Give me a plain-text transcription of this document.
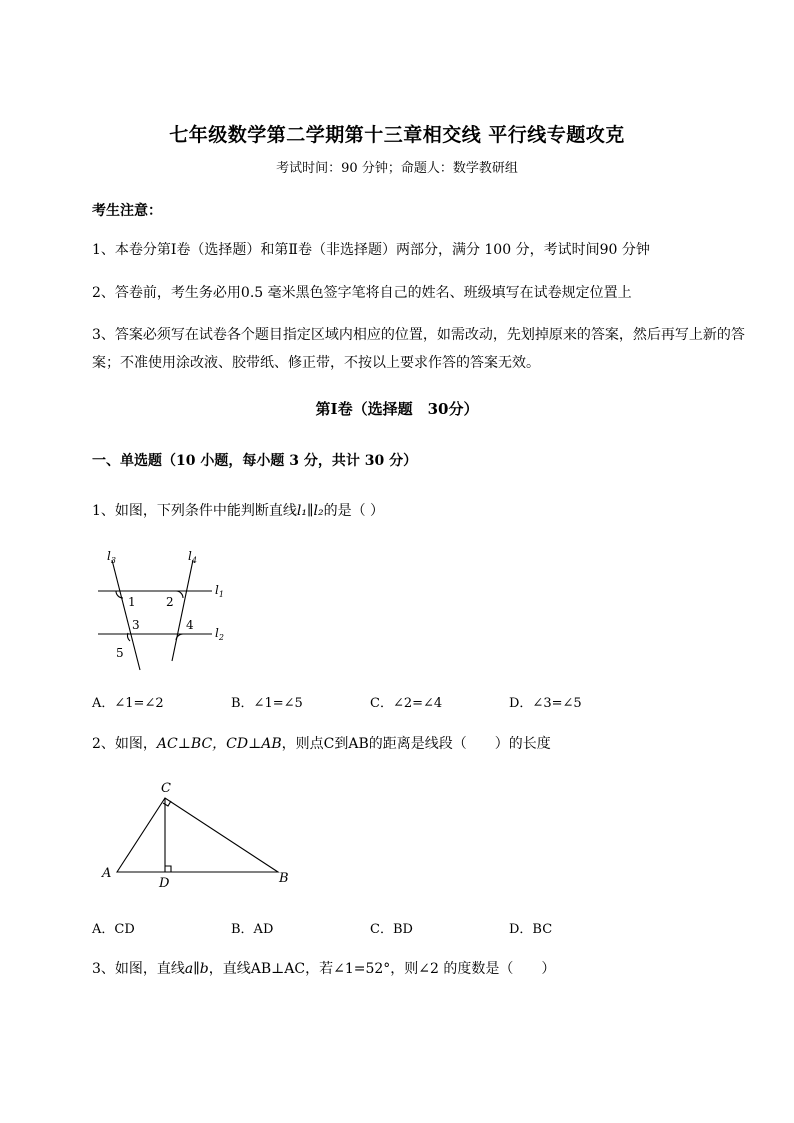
七年级数学第二学期第十三章相交线 平行线专题攻克
考试时间：90 分钟；命题人：数学教研组
考生注意：
1、本卷分第Ⅰ卷（选择题）和第Ⅱ卷（非选择题）两部分，满分 100 分，考试时间90 分钟
2、答卷前，考生务必用0.5 毫米黑色签字笔将自己的姓名、班级填写在试卷规定位置上
3、答案必须写在试卷各个题目指定区域内相应的位置，如需改动，先划掉原来的答案，然后再写上新的答案；不准使用涂改液、胶带纸、修正带，不按以上要求作答的答案无效。
第Ⅰ卷（选择题　30分）
一、单选题（10 小题，每小题 3 分，共计 30 分）
1、如图，下列条件中能判断直线l₁∥l₂的是（ ）
$l_3$	$l_4$
$l_1$
$l_2$
1	2
3	4
5
A．∠1=∠2	B．∠1=∠5	C．∠2=∠4	D．∠3=∠5
2、如图，AC⊥BC，CD⊥AB，则点C到AB的距离是线段（　　）的长度
C
A
D	B
A．CD	B．AD	C．BD	D．BC
3、如图，直线a∥b，直线AB⊥AC，若∠1=52°，则∠2 的度数是（　　）
